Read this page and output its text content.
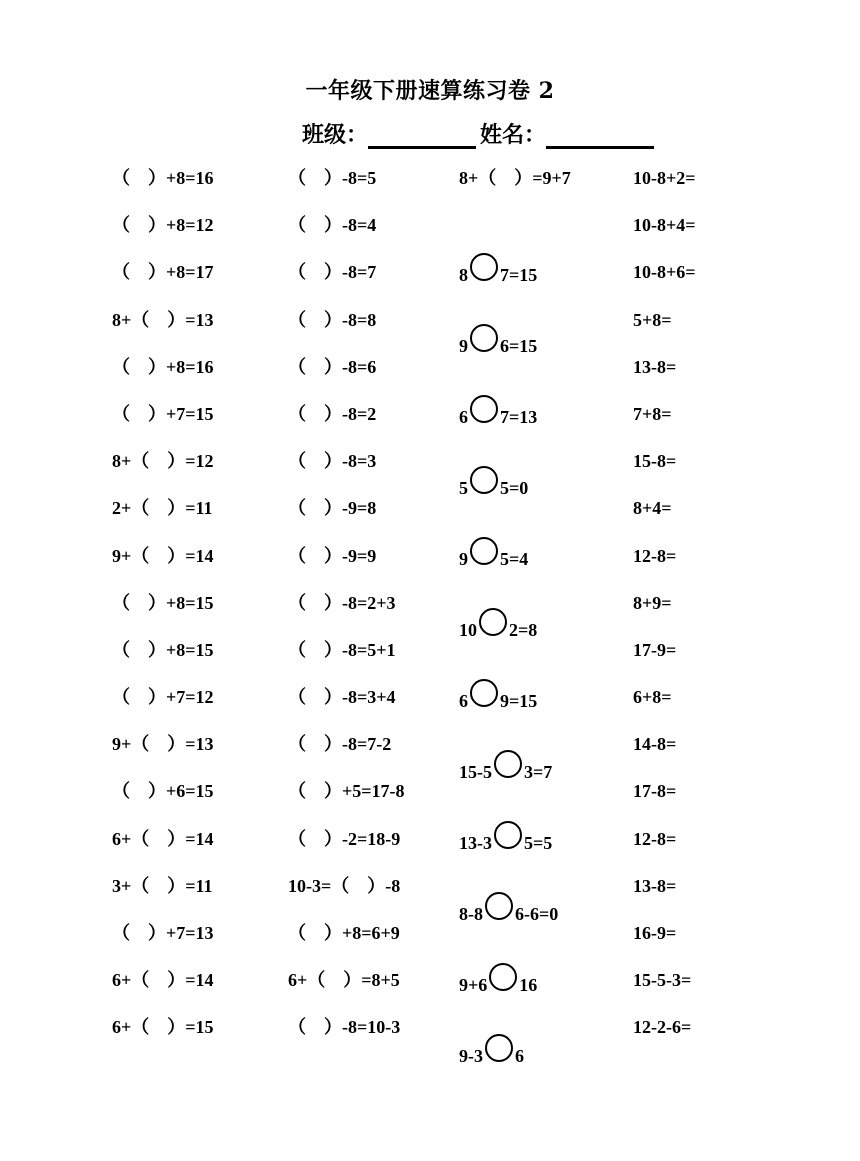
一年级下册速算练习卷 2
班级：	姓名：
（　）+8=16
（　）+8=12
（　）+8=17
8+（　）=13
（　）+8=16
（　）+7=15
8+（　）=12
2+（　）=11
9+（　）=14
（　）+8=15
（　）+8=15
（　）+7=12
9+（　）=13
（　）+6=15
6+（　）=14
3+（　）=11
（　）+7=13
6+（　）=14
6+（　）=15
（　）-8=5
（　）-8=4
（　）-8=7
（　）-8=8
（　）-8=6
（　）-8=2
（　）-8=3
（　）-9=8
（　）-9=9
（　）-8=2+3
（　）-8=5+1
（　）-8=3+4
（　）-8=7-2
（　）+5=17-8
（　）-2=18-9
10-3=（　）-8
（　）+8=6+9
6+（　）=8+5
（　）-8=10-3
8+（　）=9+7
8 7=15
9 6=15
6 7=13
5 5=0
9 5=4
10 2=8
6 9=15
15-5 3=7
13-3 5=5
8-8 6-6=0
9+6 16
9-3 6
10-8+2=
10-8+4=
10-8+6=
5+8=
13-8=
7+8=
15-8=
8+4=
12-8=
8+9=
17-9=
6+8=
14-8=
17-8=
12-8=
13-8=
16-9=
15-5-3=
12-2-6=
